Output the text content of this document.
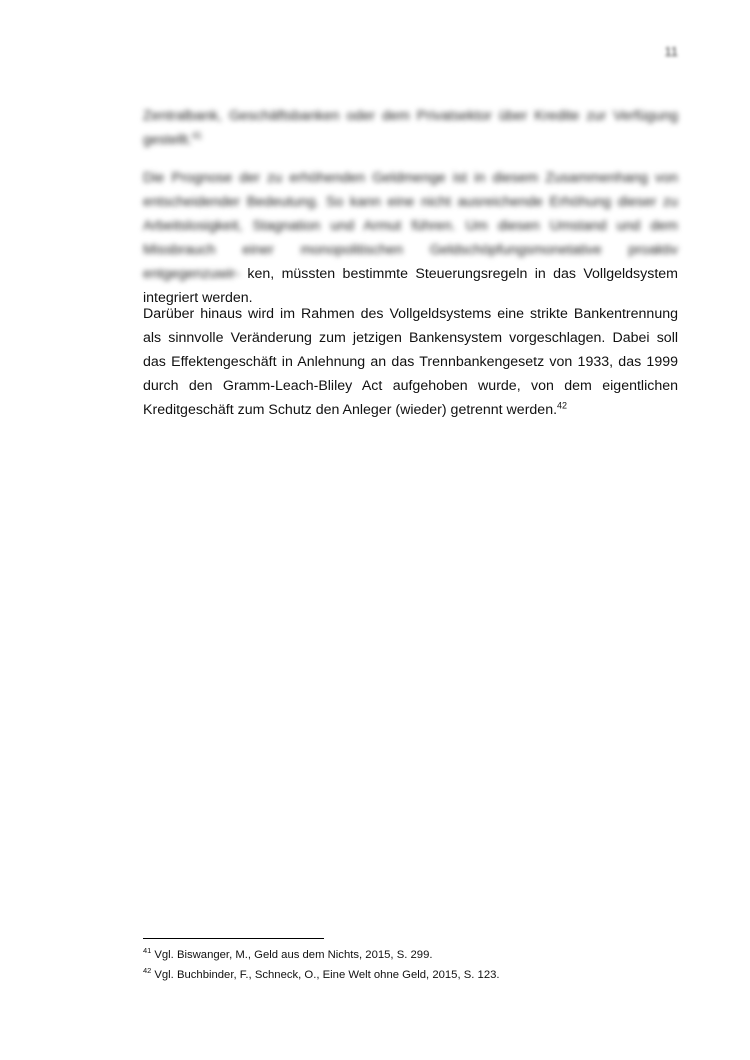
11

Zentralbank, Geschäftsbanken oder dem Privatsektor über Kredite zur Verfügung gestellt.$^{41}$

Die Prognose der zu erhöhenden Geldmenge ist in diesem Zusammenhang von entscheidender Bedeutung. So kann eine nicht ausreichende Erhöhung dieser zu Arbeitslosigkeit, Stagnation und Armut führen. Um diesen Umstand und dem Missbrauch einer monopolitischen Geldschöpfungsmonetative proaktiv entgegenzuwir- ken, müssten bestimmte Steuerungsregeln in das Vollgeldsystem integriert werden.

Darüber hinaus wird im Rahmen des Vollgeldsystems eine strikte Bankentrennung als sinnvolle Veränderung zum jetzigen Bankensystem vorgeschlagen. Dabei soll das Effektengeschäft in Anlehnung an das Trennbankengesetz von 1933, das 1999 durch den Gramm-Leach-Bliley Act aufgehoben wurde, von dem eigentlichen Kreditgeschäft zum Schutz den Anleger (wieder) getrennt werden.$^{42}$

$^{41}$ Vgl. Biswanger, M., Geld aus dem Nichts, 2015, S. 299.

$^{42}$ Vgl. Buchbinder, F., Schneck, O., Eine Welt ohne Geld, 2015, S. 123.
